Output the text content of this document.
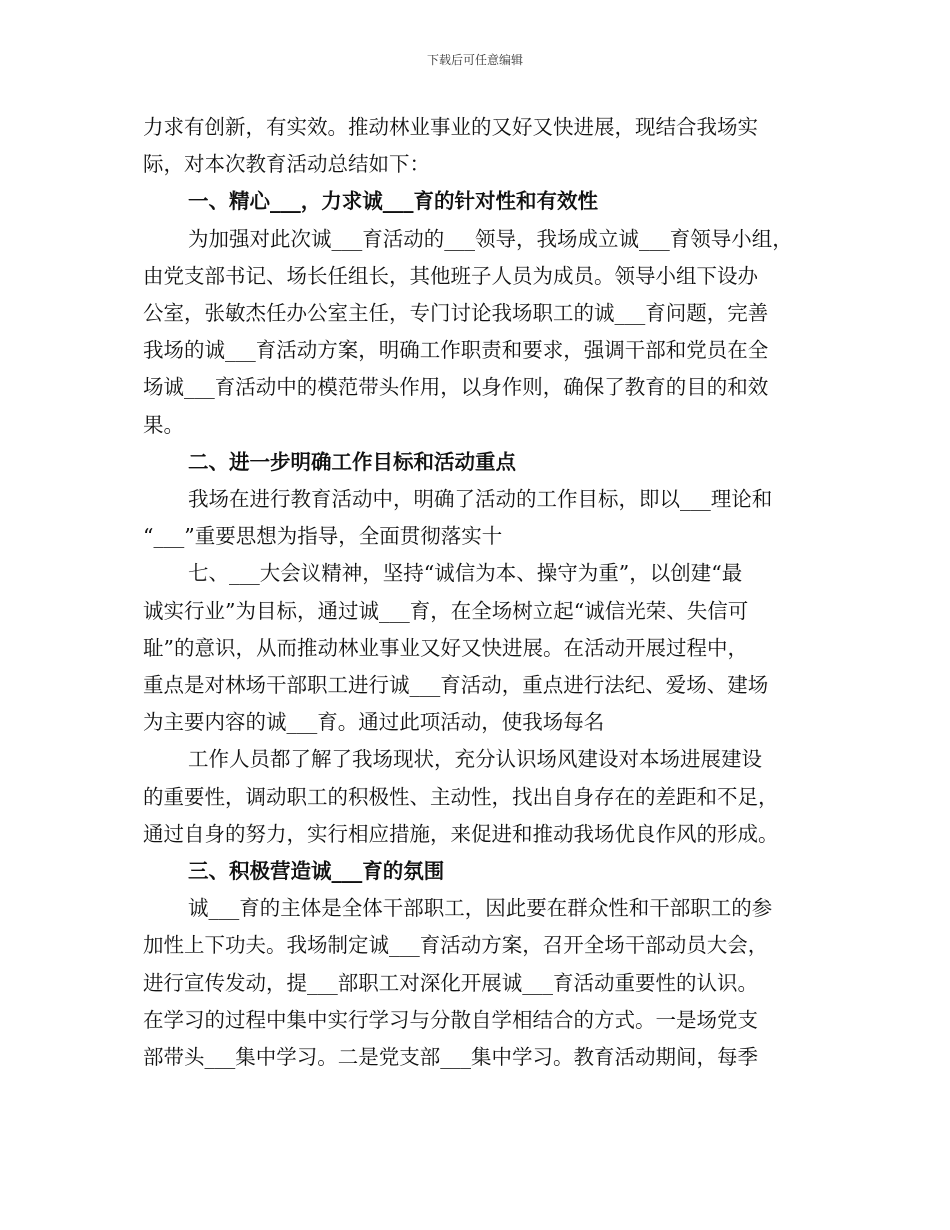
下载后可任意编辑
力求有创新，有实效。推动林业事业的又好又快进展，现结合我场实
际，对本次教育活动总结如下：
一、精心___，力求诚___育的针对性和有效性
为加强对此次诚___育活动的___领导，我场成立诚___育领导小组，
由党支部书记、场长任组长，其他班子人员为成员。领导小组下设办
公室，张敏杰任办公室主任，专门讨论我场职工的诚___育问题，完善
我场的诚___育活动方案，明确工作职责和要求，强调干部和党员在全
场诚___育活动中的模范带头作用，以身作则，确保了教育的目的和效
果。
二、进一步明确工作目标和活动重点
我场在进行教育活动中，明确了活动的工作目标，即以___理论和
“___”重要思想为指导，全面贯彻落实十
七、___大会议精神，坚持“诚信为本、操守为重”，以创建“最
诚实行业”为目标，通过诚___育，在全场树立起“诚信光荣、失信可
耻”的意识，从而推动林业事业又好又快进展。在活动开展过程中，
重点是对林场干部职工进行诚___育活动，重点进行法纪、爱场、建场
为主要内容的诚___育。通过此项活动，使我场每名
工作人员都了解了我场现状，充分认识场风建设对本场进展建设
的重要性，调动职工的积极性、主动性，找出自身存在的差距和不足，
通过自身的努力，实行相应措施，来促进和推动我场优良作风的形成。
三、积极营造诚___育的氛围
诚___育的主体是全体干部职工，因此要在群众性和干部职工的参
加性上下功夫。我场制定诚___育活动方案，召开全场干部动员大会，
进行宣传发动，提___部职工对深化开展诚___育活动重要性的认识。
在学习的过程中集中实行学习与分散自学相结合的方式。一是场党支
部带头___集中学习。二是党支部___集中学习。教育活动期间，每季
